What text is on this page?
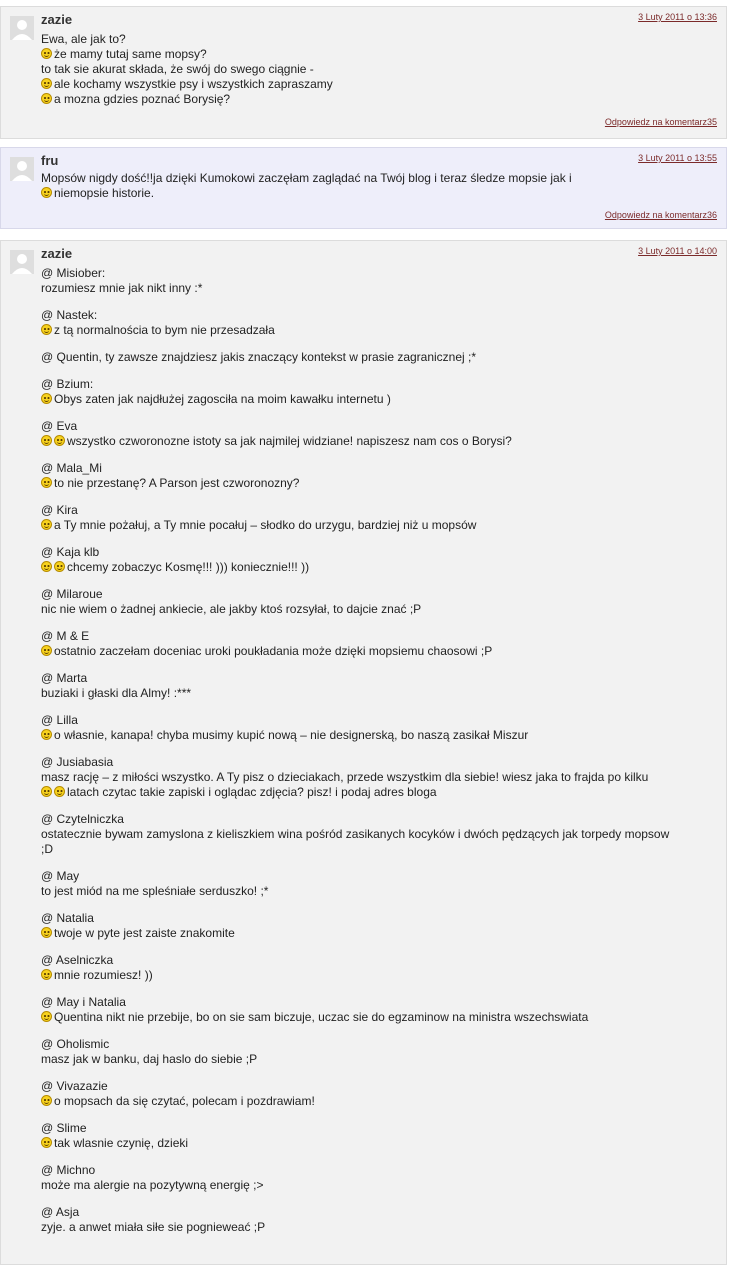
zazie	3 Luty 2011 o 13:36
Ewa, ale jak to?
że mamy tutaj same mopsy?
to tak sie akurat składa, że swój do swego ciągnie -
ale kochamy wszystkie psy i wszystkich zapraszamy
a mozna gdzies poznać Borysię?
Odpowiedz na komentarz35
fru	3 Luty 2011 o 13:55
Mopsów nigdy dość!!ja dzięki Kumokowi zaczęłam zaglądać na Twój blog i teraz śledze mopsie jak i
niemopsie historie.
Odpowiedz na komentarz36
zazie	3 Luty 2011 o 14:00
@ Misiober:
rozumiesz mnie jak nikt inny :*
@ Nastek:
z tą normalnościa to bym nie przesadzała
@ Quentin, ty zawsze znajdziesz jakis znaczący kontekst w prasie zagranicznej ;*
@ Bzium:
Obys zaten jak najdłużej zagosciła na moim kawałku internetu )
@ Eva
wszystko czworonozne istoty sa jak najmilej widziane! napiszesz nam cos o Borysi?
@ Mala_Mi
to nie przestanę? A Parson jest czworonozny?
@ Kira
a Ty mnie pożałuj, a Ty mnie pocałuj – słodko do urzygu, bardziej niż u mopsów
@ Kaja klb
chcemy zobaczyc Kosmę!!! ))) koniecznie!!! ))
@ Milaroue
nic nie wiem o żadnej ankiecie, ale jakby ktoś rozsyłał, to dajcie znać ;P
@ M & E
ostatnio zaczełam doceniac uroki poukładania może dzięki mopsiemu chaosowi ;P
@ Marta
buziaki i głaski dla Almy! :***
@ Lilla
o własnie, kanapa! chyba musimy kupić nową – nie designerską, bo naszą zasikał Miszur
@ Jusiabasia
masz rację – z miłości wszystko. A Ty pisz o dzieciakach, przede wszystkim dla siebie! wiesz jaka to frajda po kilku
latach czytac takie zapiski i oglądac zdjęcia? pisz! i podaj adres bloga
@ Czytelniczka
ostatecznie bywam zamyslona z kieliszkiem wina pośród zasikanych kocyków i dwóch pędzących jak torpedy mopsow
;D
@ May
to jest miód na me spleśniałe serduszko! ;*
@ Natalia
twoje w pyte jest zaiste znakomite
@ Aselniczka
mnie rozumiesz! ))
@ May i Natalia
Quentina nikt nie przebije, bo on sie sam biczuje, uczac sie do egzaminow na ministra wszechswiata
@ Oholismic
masz jak w banku, daj haslo do siebie ;P
@ Vivazazie
o mopsach da się czytać, polecam i pozdrawiam!
@ Slime
tak wlasnie czynię, dzieki
@ Michno
może ma alergie na pozytywną energię ;>
@ Asja
zyje. a anwet miała siłe sie pognieweać ;P
